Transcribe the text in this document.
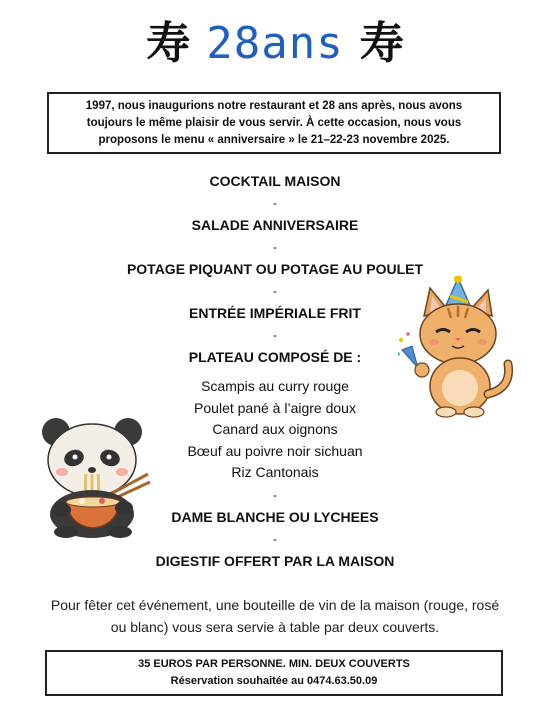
寿 28ans 寿
1997, nous inaugurions notre restaurant et 28 ans après, nous avons
toujours le même plaisir de vous servir. À cette occasion, nous vous
proposons le menu « anniversaire » le 21–22-23 novembre 2025.
COCKTAIL MAISON
-
SALADE ANNIVERSAIRE
-
POTAGE PIQUANT OU POTAGE AU POULET
-
ENTRÉE IMPÉRIALE FRIT
-
PLATEAU COMPOSÉ DE :
Scampis au curry rouge
Poulet pané à l’aigre doux
Canard aux oignons
Bœuf au poivre noir sichuan
Riz Cantonais
-
DAME BLANCHE OU LYCHEES
-
DIGESTIF OFFERT PAR LA MAISON
Pour fêter cet événement, une bouteille de vin de la maison (rouge, rosé
ou blanc) vous sera servie à table par deux couverts.
35 EUROS PAR PERSONNE. MIN. DEUX COUVERTS
Réservation souhaitée au 0474.63.50.09
